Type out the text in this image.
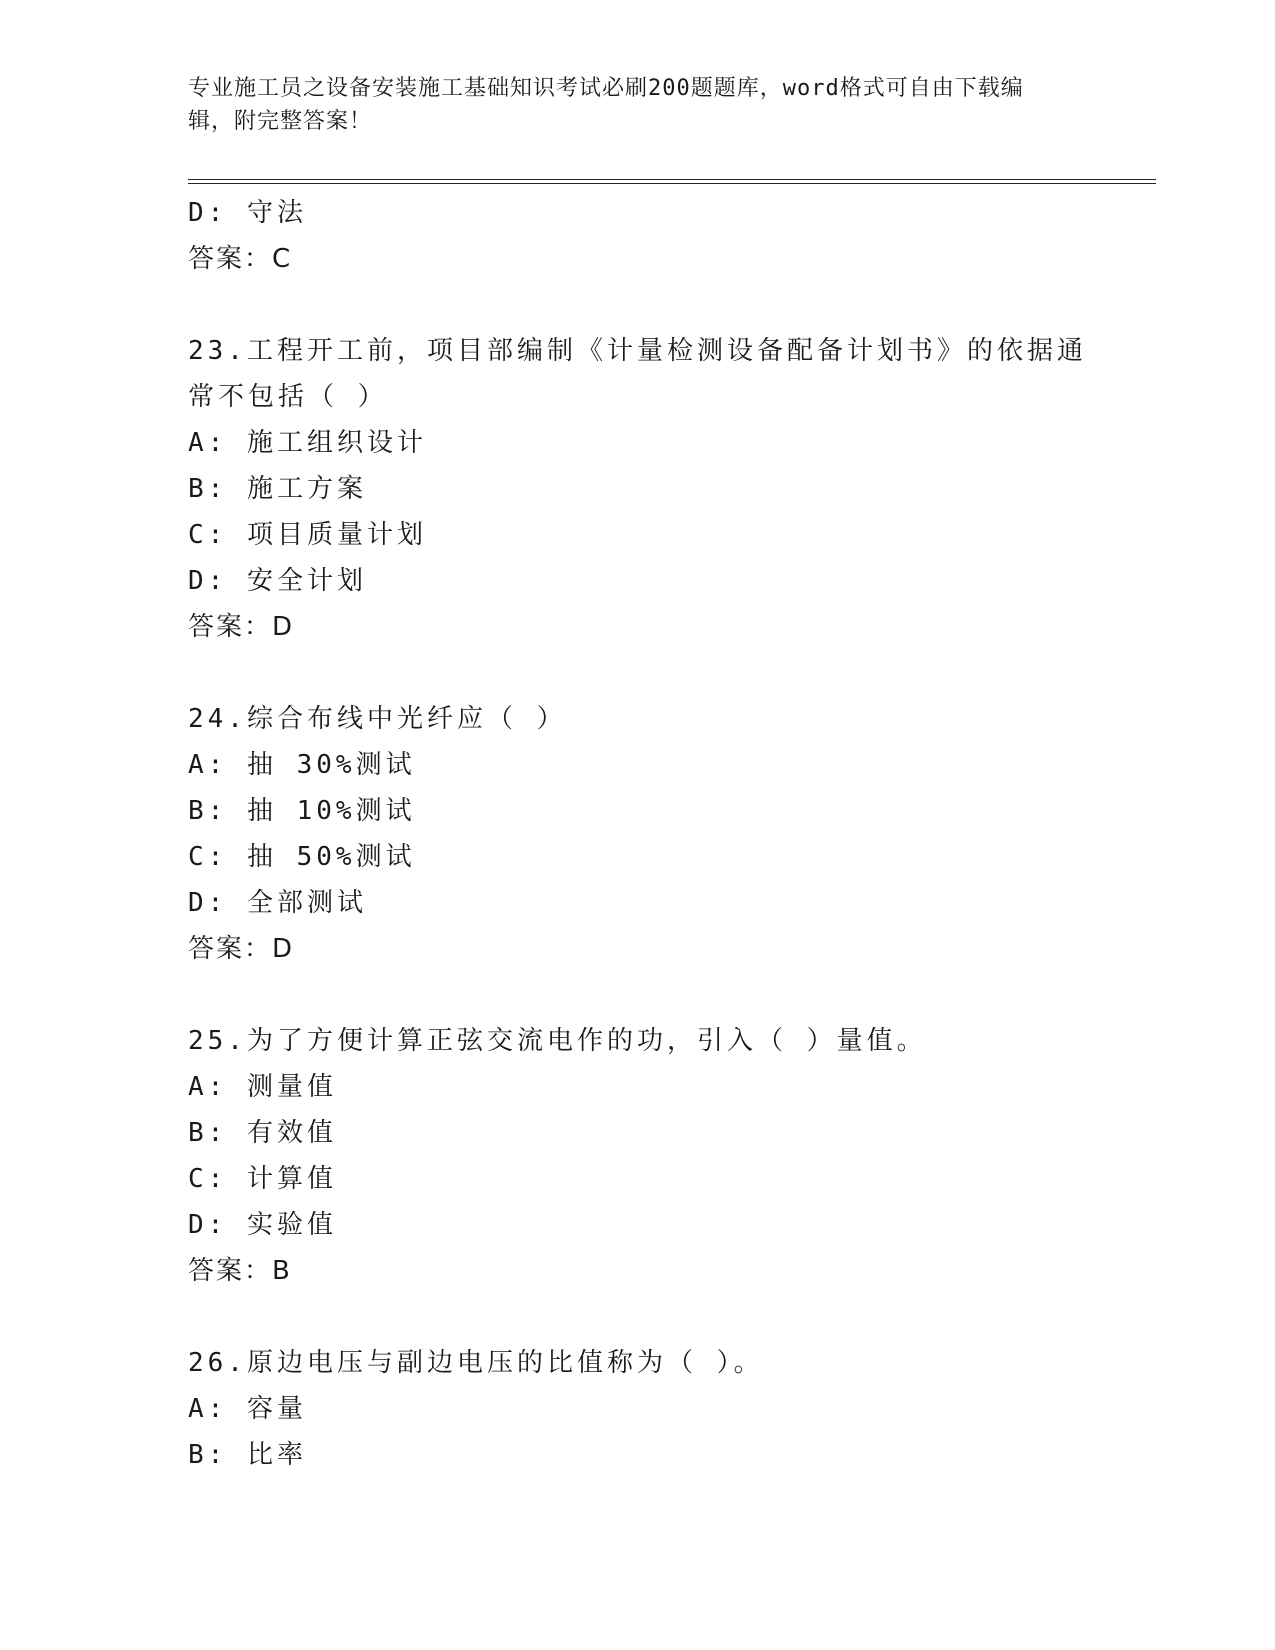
专业施工员之设备安装施工基础知识考试必刷200题题库，word格式可自由下载编辑，附完整答案！
D: 守法
答案：C
23.工程开工前，项目部编制《计量检测设备配备计划书》的依据通常不包括（ ）
A: 施工组织设计
B: 施工方案
C: 项目质量计划
D: 安全计划
答案：D
24.综合布线中光纤应（ ）
A: 抽 30%测试
B: 抽 10%测试
C: 抽 50%测试
D: 全部测试
答案：D
25.为了方便计算正弦交流电作的功，引入（ ）量值。
A: 测量值
B: 有效值
C: 计算值
D: 实验值
答案：B
26.原边电压与副边电压的比值称为（ ）。
A: 容量
B: 比率
